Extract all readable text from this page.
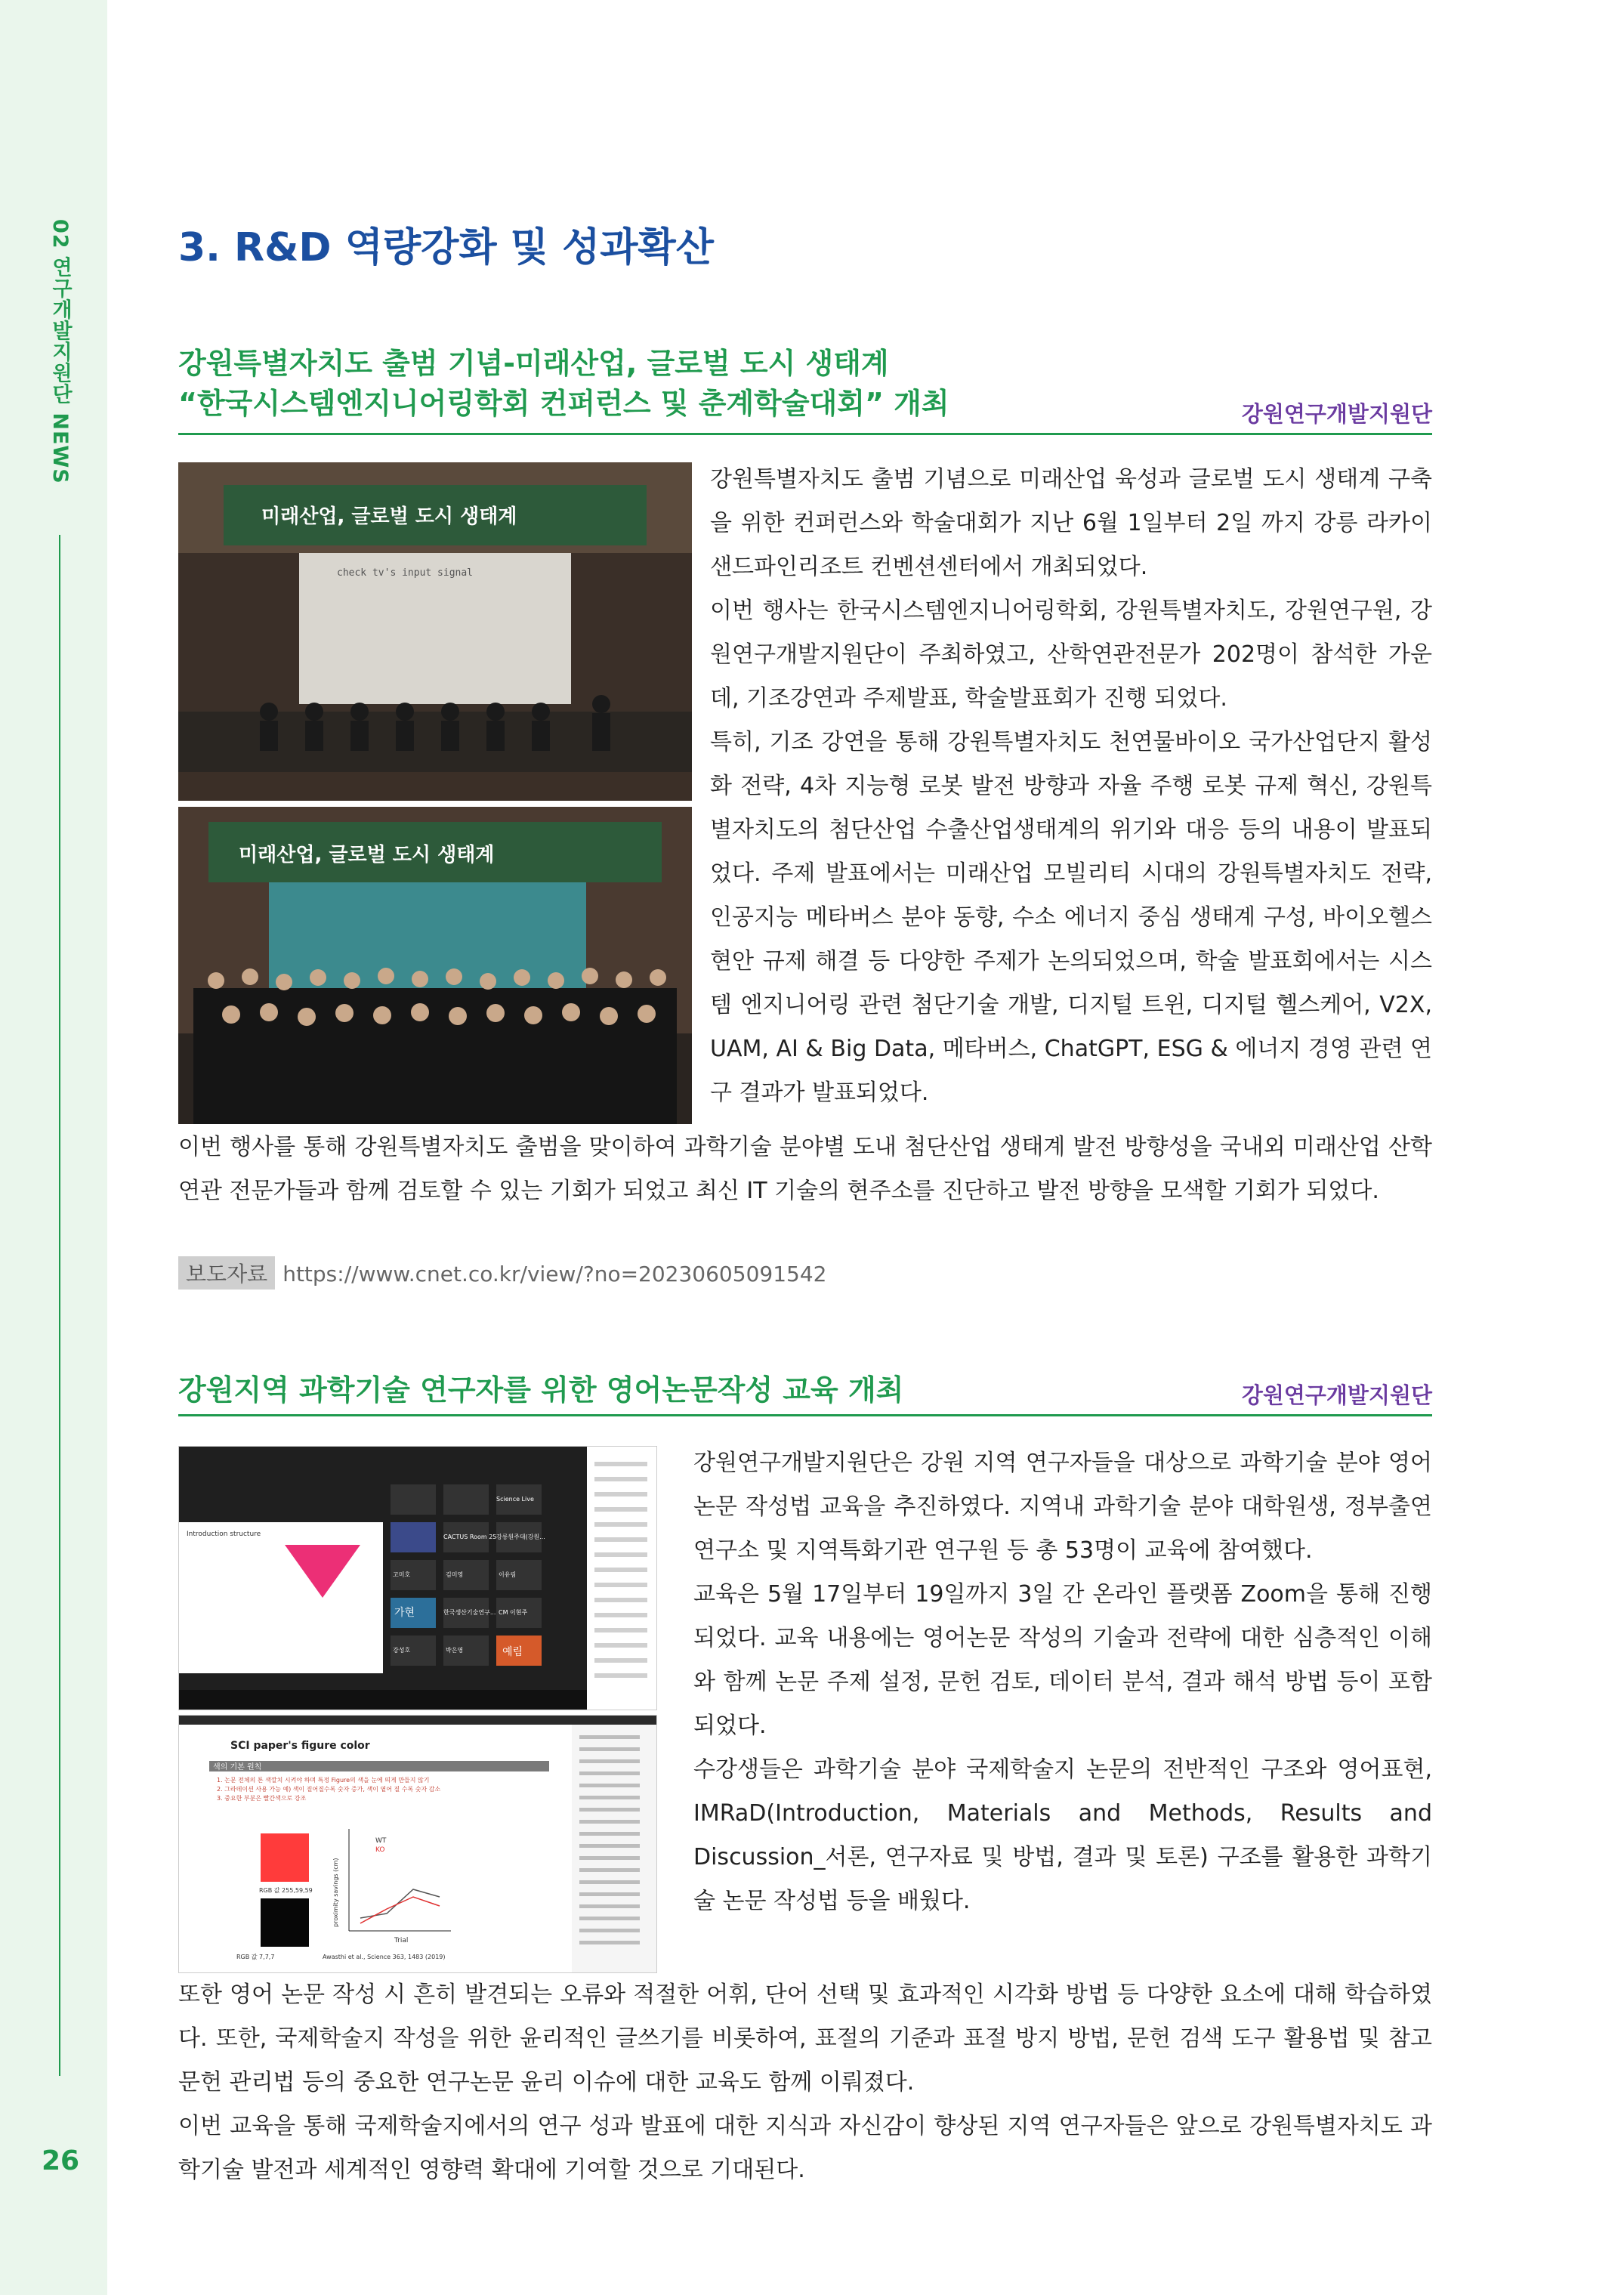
02 연구개발지원단 NEWS
26
3. R&D 역량강화 및 성과확산
강원특별자치도 출범 기념-미래산업, 글로벌 도시 생태계
“한국시스템엔지니어링학회 컨퍼런스 및 춘계학술대회” 개최	강원연구개발지원단
미래산업, 글로벌 도시 생태계
check tv's input signal
미래산업, 글로벌 도시 생태계

강원특별자치도 출범 기념으로 미래산업 육성과 글로벌 도시 생태계 구축을 위한 컨퍼런스와 학술대회가 지난 6월 1일부터 2일 까지 강릉 라카이샌드파인리조트 컨벤션센터에서 개최되었다.

이번 행사는 한국시스템엔지니어링학회, 강원특별자치도, 강원연구원, 강원연구개발지원단이 주최하였고, 산학연관전문가 202명이 참석한 가운데, 기조강연과 주제발표, 학술발표회가 진행 되었다.

특히, 기조 강연을 통해 강원특별자치도 천연물바이오 국가산업단지 활성화 전략, 4차 지능형 로봇 발전 방향과 자율 주행 로봇 규제 혁신, 강원특별자치도의 첨단산업 수출산업생태계의 위기와 대응 등의 내용이 발표되었다. 주제 발표에서는 미래산업 모빌리티 시대의 강원특별자치도 전략, 인공지능 메타버스 분야 동향, 수소 에너지 중심 생태계 구성, 바이오헬스 현안 규제 해결 등 다양한 주제가 논의되었으며, 학술 발표회에서는 시스템 엔지니어링 관련 첨단기술 개발, 디지털 트윈, 디지털 헬스케어, V2X, UAM, AI & Big Data, 메타버스, ChatGPT, ESG & 에너지 경영 관련 연구 결과가 발표되었다.

이번 행사를 통해 강원특별자치도 출범을 맞이하여 과학기술 분야별 도내 첨단산업 생태계 발전 방향성을 국내외 미래산업 산학연관 전문가들과 함께 검토할 수 있는 기회가 되었고 최신 IT 기술의 현주소를 진단하고 발전 방향을 모색할 기회가 되었다.

보도자료 https://www.cnet.co.kr/view/?no=20230605091542
강원지역 과학기술 연구자를 위한 영어논문작성 교육 개최	강원연구개발지원단
Introduction structure	CACTUS Room 25 강릉원주대(강원...
Science Live
고미호	김미영	이유림
가현	한국생산기술연구... CM 이현주
강성호	박은영	예림
SCI paper's figure color
색의 기본 원칙
1. 논문 전체의 톤 색깔치 시켜야 하며 특정 Figure의 색을 눈에 띄게 만들지 않기
2. 그라데이션 사용 가능 예) 색이 짙어질수록 숫자 증가, 색이 옅어 질 수록 숫자 감소
3. 중요한 부분은 빨간색으로 강조
RGB 값 255,59,59
RGB 값 7,7,7
WT
KO
Trial
proximity savings (cm)
Awasthi et al., Science 363, 1483 (2019)

강원연구개발지원단은 강원 지역 연구자들을 대상으로 과학기술 분야 영어논문 작성법 교육을 추진하였다. 지역내 과학기술 분야 대학원생, 정부출연연구소 및 지역특화기관 연구원 등 총 53명이 교육에 참여했다.

교육은 5월 17일부터 19일까지 3일 간 온라인 플랫폼 Zoom을 통해 진행되었다. 교육 내용에는 영어논문 작성의 기술과 전략에 대한 심층적인 이해와 함께 논문 주제 설정, 문헌 검토, 데이터 분석, 결과 해석 방법 등이 포함되었다.

수강생들은 과학기술 분야 국제학술지 논문의 전반적인 구조와 영어표현, IMRaD(Introduction, Materials and Methods, Results and Discussion_서론, 연구자료 및 방법, 결과 및 토론) 구조를 활용한 과학기술 논문 작성법 등을 배웠다.

또한 영어 논문 작성 시 흔히 발견되는 오류와 적절한 어휘, 단어 선택 및 효과적인 시각화 방법 등 다양한 요소에 대해 학습하였다. 또한, 국제학술지 작성을 위한 윤리적인 글쓰기를 비롯하여, 표절의 기준과 표절 방지 방법, 문헌 검색 도구 활용법 및 참고 문헌 관리법 등의 중요한 연구논문 윤리 이슈에 대한 교육도 함께 이뤄졌다.

이번 교육을 통해 국제학술지에서의 연구 성과 발표에 대한 지식과 자신감이 향상된 지역 연구자들은 앞으로 강원특별자치도 과학기술 발전과 세계적인 영향력 확대에 기여할 것으로 기대된다.
